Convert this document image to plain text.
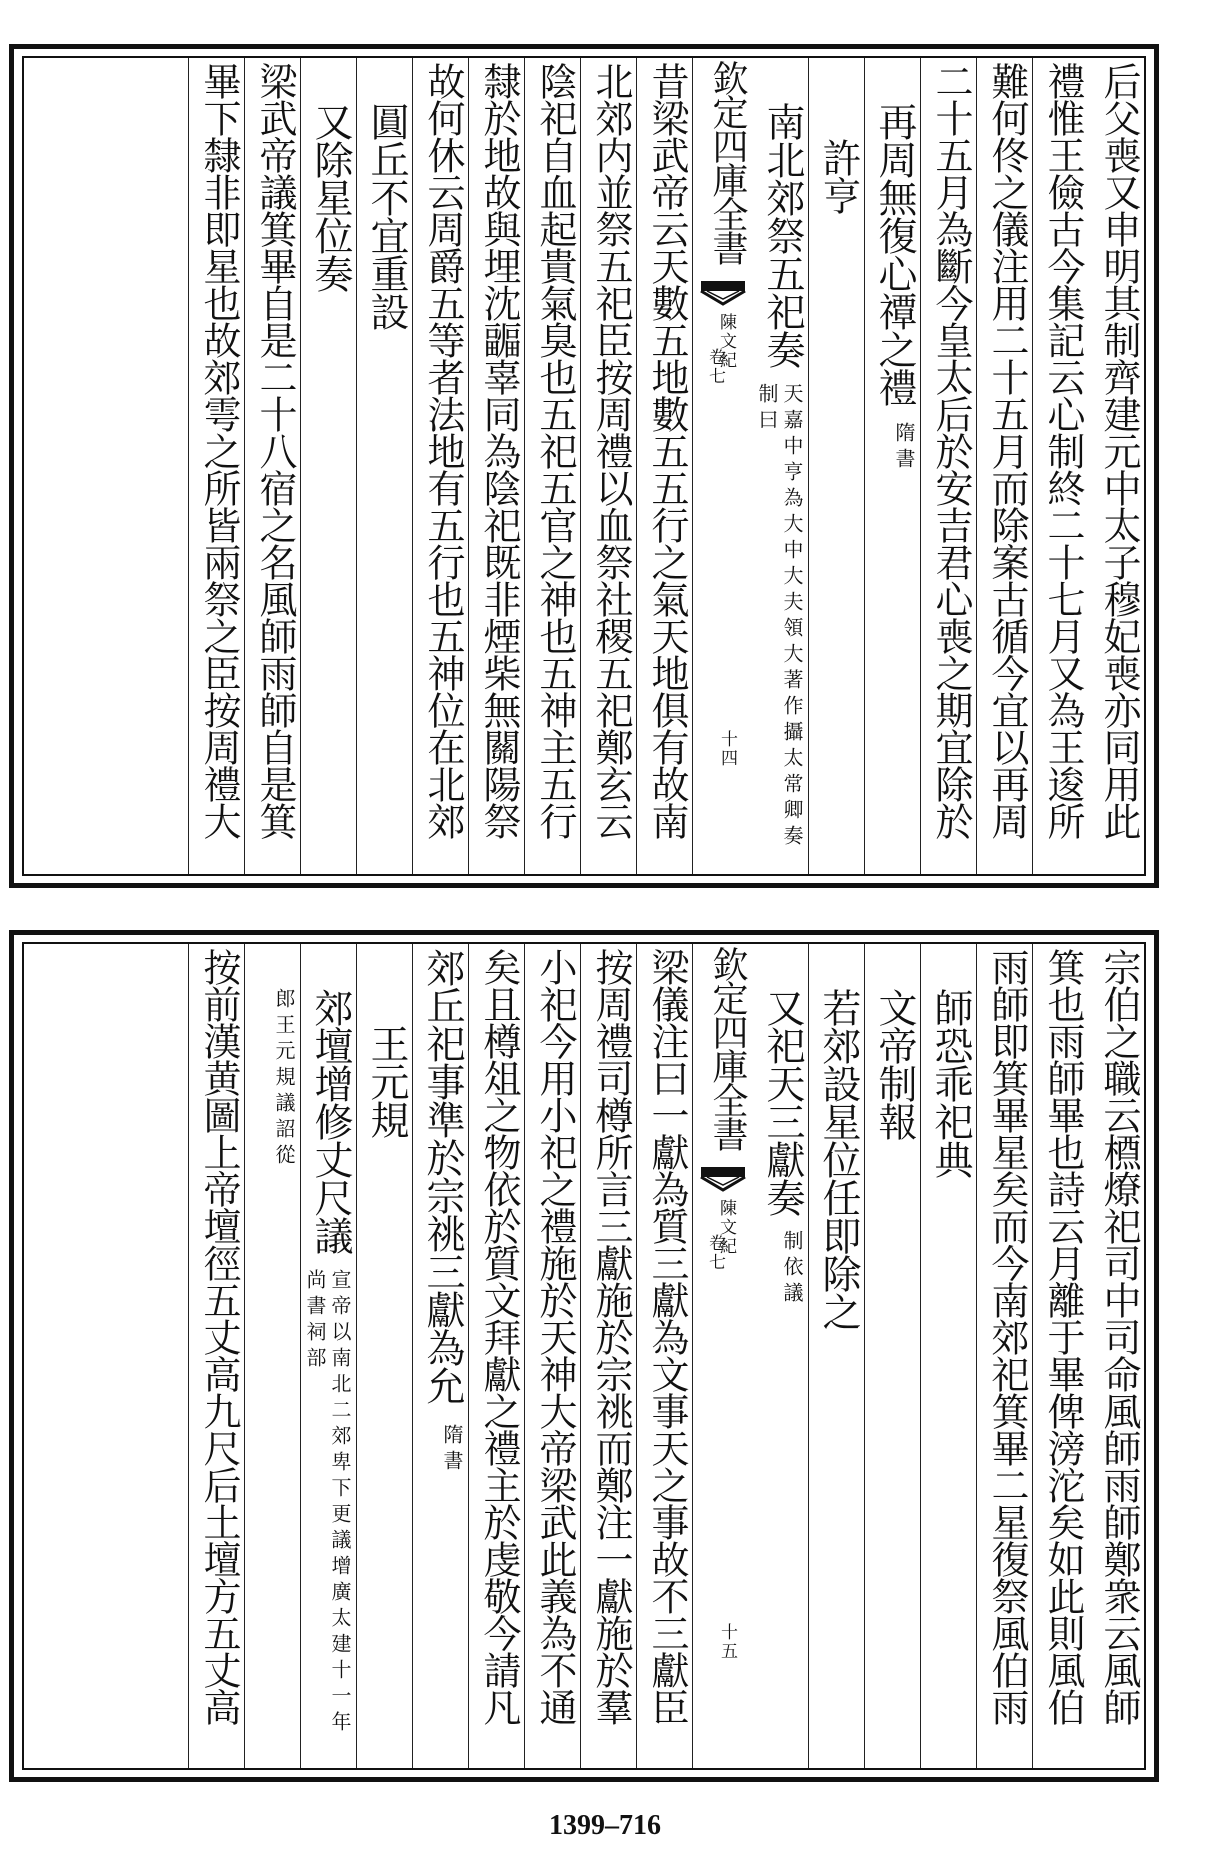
后父喪又申明其制齊建元中太子穆妃喪亦同用此
禮惟王儉古今集記云心制終二十七月又為王逡所
難何佟之儀注用二十五月而除案古循今宜以再周
二十五月為斷今皇太后於安吉君心喪之期宜除於
再周無復心禫之禮
隋書
許亨
南北郊祭五祀奏
天嘉中亨為大中大夫領大著作攝太常卿奏制曰
欽定四庫全書
陳文紀
卷七
十四
昔梁武帝云天數五地數五五行之氣天地俱有故南
北郊内並祭五祀臣按周禮以血祭社稷五祀鄭玄云
陰祀自血起貴氣臭也五祀五官之神也五神主五行
隸於地故與埋沈疈辜同為陰祀既非煙柴無關陽祭
故何休云周爵五等者法地有五行也五神位在北郊
圓丘不宜重設
又除星位奏
梁武帝議箕畢自是二十八宿之名風師雨師自是箕
畢下隸非即星也故郊雩之所皆兩祭之臣按周禮大
宗伯之職云槱燎祀司中司命風師雨師鄭衆云風師
箕也雨師畢也詩云月離于畢俾滂沱矣如此則風伯
雨師即箕畢星矣而今南郊祀箕畢二星復祭風伯雨
師恐乖祀典
文帝制報
若郊設星位任即除之
又祀天三獻奏
制依議
欽定四庫全書
陳文紀
卷七
十五
梁儀注曰一獻為質三獻為文事天之事故不三獻臣
按周禮司樽所言三獻施於宗祧而鄭注一獻施於羣
小祀今用小祀之禮施於天神大帝梁武此義為不通
矣且樽俎之物依於質文拜獻之禮主於虔敬今請凡
郊丘祀事準於宗祧三獻為允
隋書
王元規
郊壇增修丈尺議
宣帝以南北二郊卑下更議增廣太建十一年尚書祠部
郎王元規議詔從
按前漢黄圖上帝壇徑五丈高九尺后土壇方五丈高
1399–716
